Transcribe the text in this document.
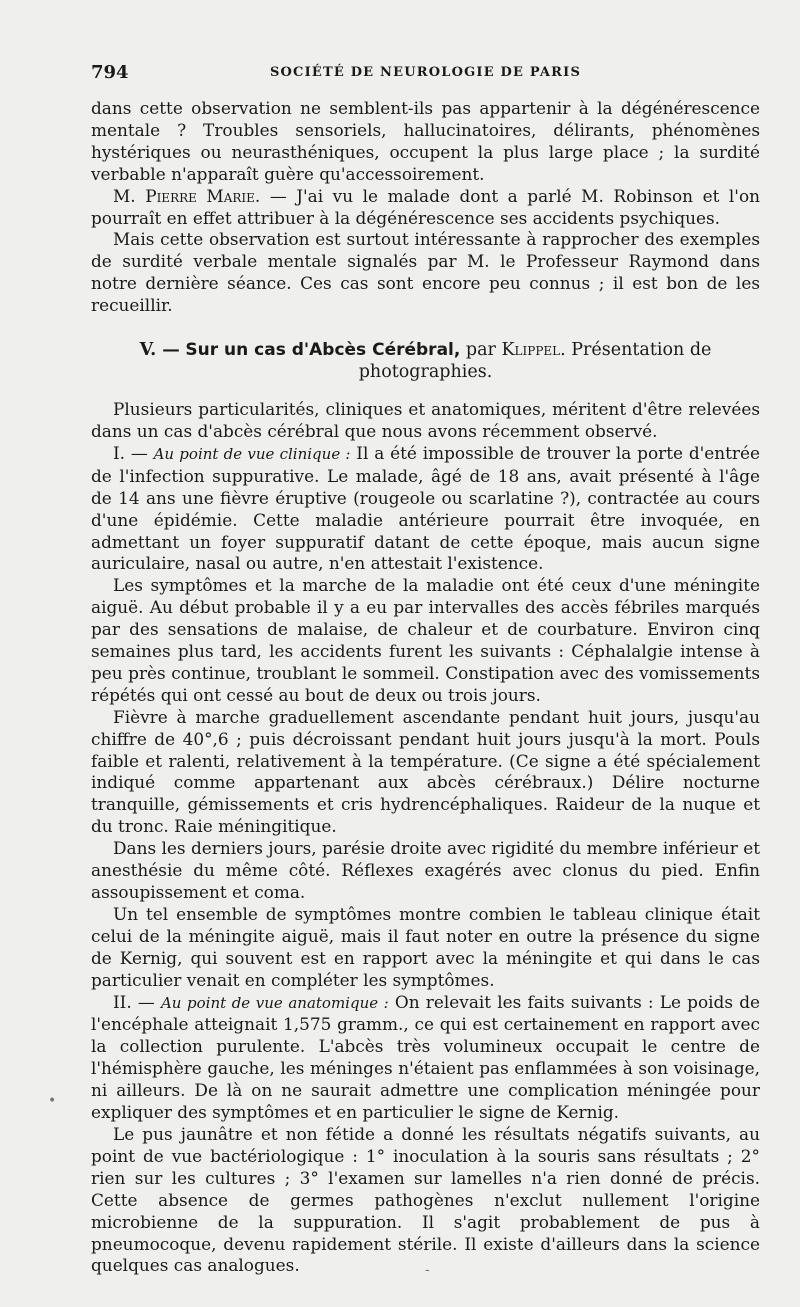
•
-
794	SOCIÉTÉ DE NEUROLOGIE DE PARIS

dans cette observation ne semblent-ils pas appartenir à la dégénérescence mentale ? Troubles sensoriels, hallucinatoires, délirants, phénomènes hystériques ou neurasthéniques, occupent la plus large place ; la surdité verbable n'apparaît guère qu'accessoirement.

M. Pierre Marie. — J'ai vu le malade dont a parlé M. Robinson et l'on pourraît en effet attribuer à la dégénérescence ses accidents psychiques.

Mais cette observation est surtout intéressante à rapprocher des exemples de surdité verbale mentale signalés par M. le Professeur Raymond dans notre dernière séance. Ces cas sont encore peu connus ; il est bon de les recueillir.

V. — Sur un cas d'Abcès Cérébral, par Klippel. Présentation de photographies.

Plusieurs particularités, cliniques et anatomiques, méritent d'être relevées dans un cas d'abcès cérébral que nous avons récemment observé.

I. — Au point de vue clinique : Il a été impossible de trouver la porte d'entrée de l'infection suppurative. Le malade, âgé de 18 ans, avait présenté à l'âge de 14 ans une fièvre éruptive (rougeole ou scarlatine ?), contractée au cours d'une épidémie. Cette maladie antérieure pourrait être invoquée, en admettant un foyer suppuratif datant de cette époque, mais aucun signe auriculaire, nasal ou autre, n'en attestait l'existence.

Les symptômes et la marche de la maladie ont été ceux d'une méningite aiguë. Au début probable il y a eu par intervalles des accès fébriles marqués par des sensations de malaise, de chaleur et de courbature. Environ cinq semaines plus tard, les accidents furent les suivants : Céphalalgie intense à peu près continue, troublant le sommeil. Constipation avec des vomissements répétés qui ont cessé au bout de deux ou trois jours.

Fièvre à marche graduellement ascendante pendant huit jours, jusqu'au chiffre de 40°,6 ; puis décroissant pendant huit jours jusqu'à la mort. Pouls faible et ralenti, relativement à la température. (Ce signe a été spécialement indiqué comme appartenant aux abcès cérébraux.) Délire nocturne tranquille, gémissements et cris hydrencéphaliques. Raideur de la nuque et du tronc. Raie méningitique.

Dans les derniers jours, parésie droite avec rigidité du membre inférieur et anesthésie du même côté. Réflexes exagérés avec clonus du pied. Enfin assoupissement et coma.

Un tel ensemble de symptômes montre combien le tableau clinique était celui de la méningite aiguë, mais il faut noter en outre la présence du signe de Kernig, qui souvent est en rapport avec la méningite et qui dans le cas particulier venait en compléter les symptômes.

II. — Au point de vue anatomique : On relevait les faits suivants : Le poids de l'encéphale atteignait 1,575 gramm., ce qui est certainement en rapport avec la collection purulente. L'abcès très volumineux occupait le centre de l'hémisphère gauche, les méninges n'étaient pas enflammées à son voisinage, ni ailleurs. De là on ne saurait admettre une complication méningée pour expliquer des symptômes et en particulier le signe de Kernig.

Le pus jaunâtre et non fétide a donné les résultats négatifs suivants, au point de vue bactériologique : 1° inoculation à la souris sans résultats ; 2° rien sur les cultures ; 3° l'examen sur lamelles n'a rien donné de précis. Cette absence de germes pathogènes n'exclut nullement l'origine microbienne de la suppuration. Il s'agit probablement de pus à pneumocoque, devenu rapidement stérile. Il existe d'ailleurs dans la science quelques cas analogues.
